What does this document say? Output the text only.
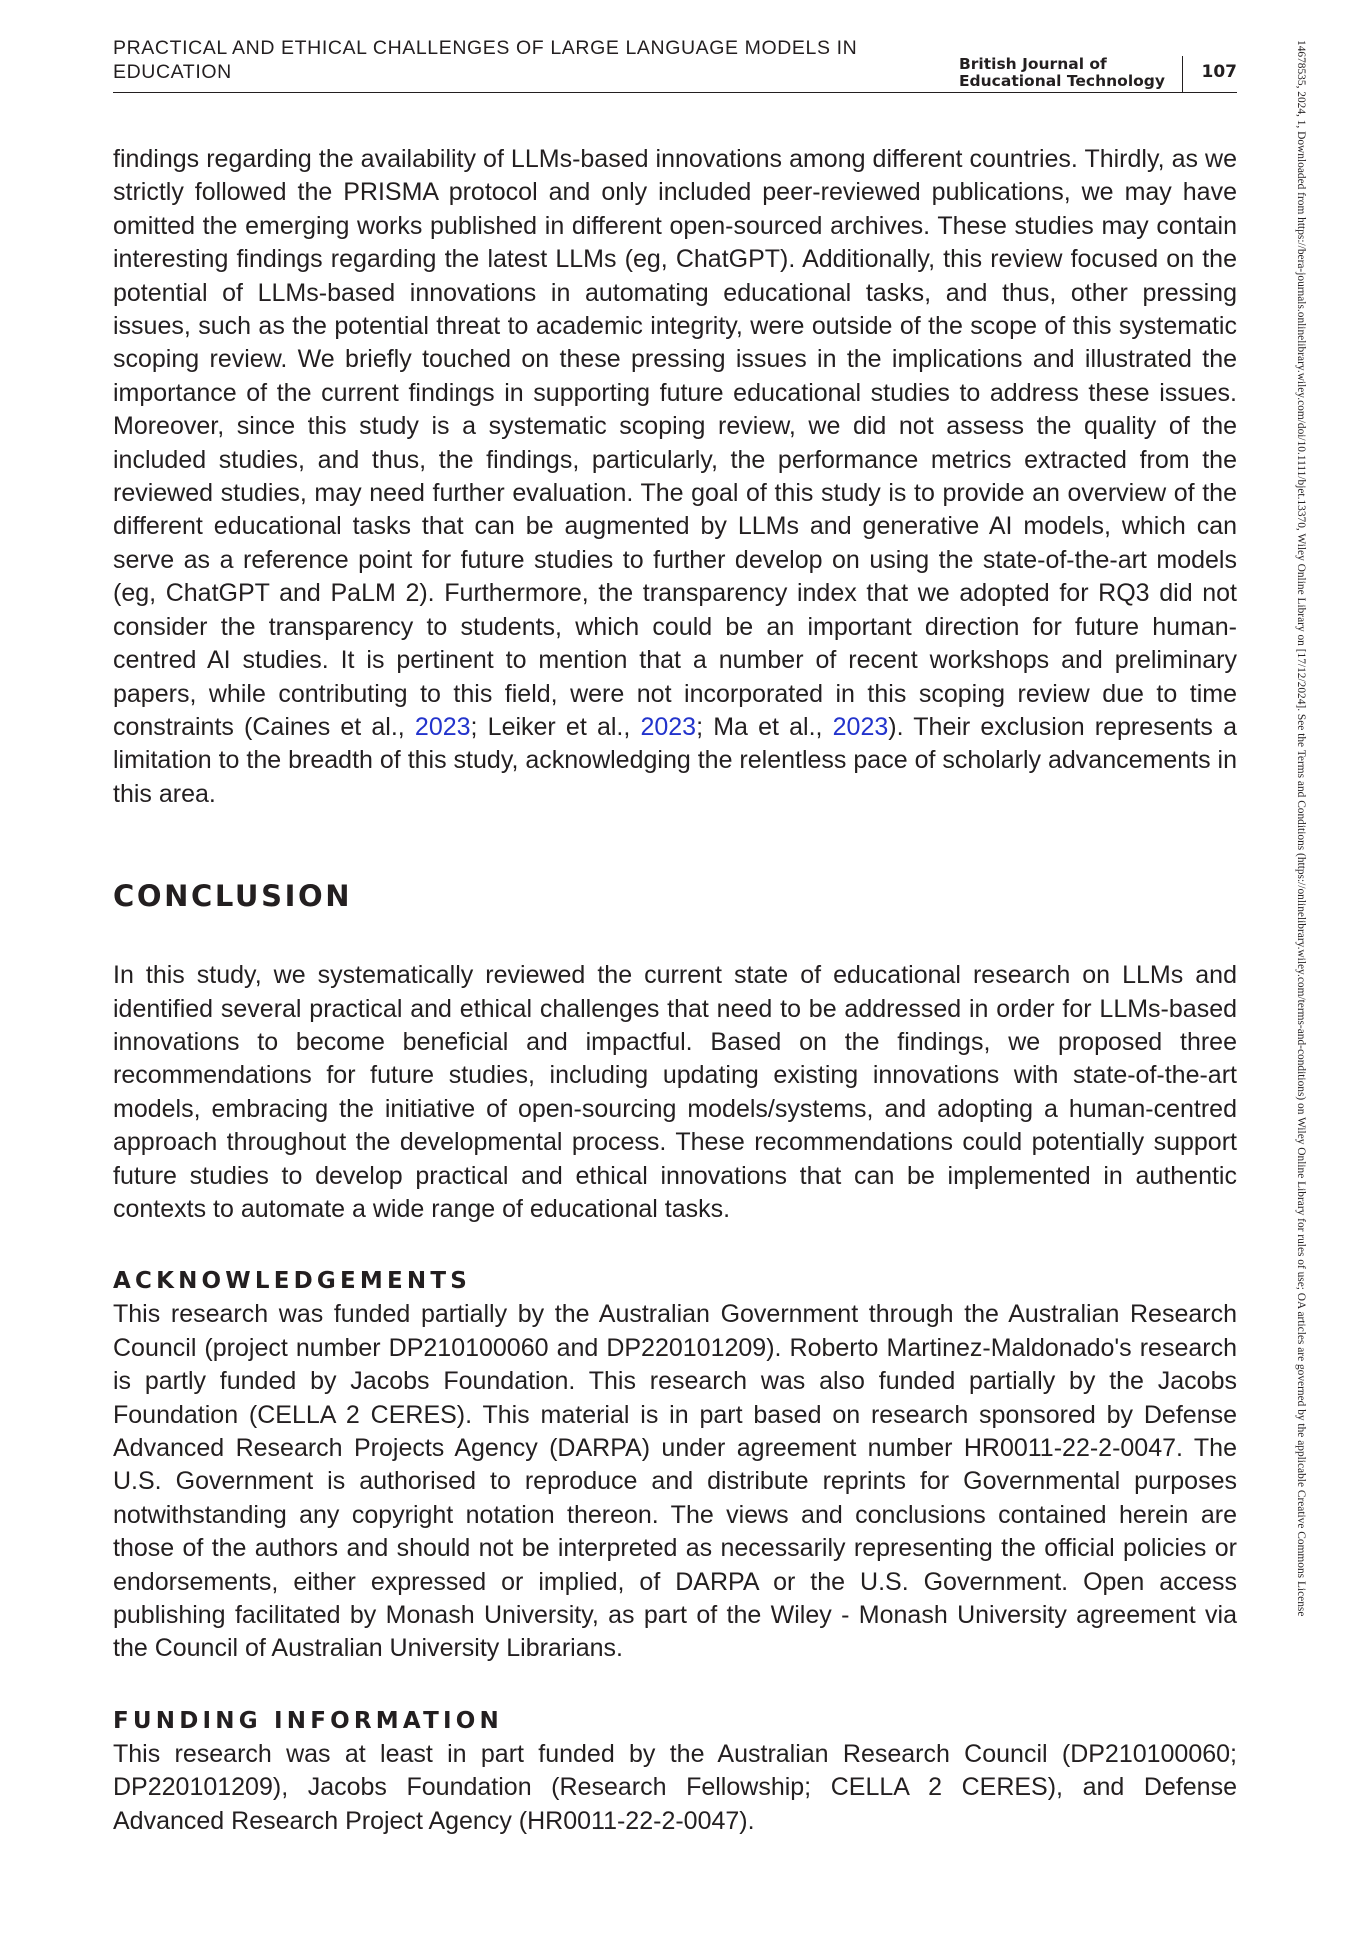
PRACTICAL AND ETHICAL CHALLENGES OF LARGE LANGUAGE MODELS IN EDUCATION	British Journal of
Educational Technology	107

findings regarding the availability of LLMs-based innovations among different countries. Thirdly, as we strictly followed the PRISMA protocol and only included peer-reviewed publications, we may have omitted the emerging works published in different open-sourced archives. These studies may contain interesting findings regarding the latest LLMs (eg, ChatGPT). Additionally, this review focused on the potential of LLMs-based innovations in automating educational tasks, and thus, other pressing issues, such as the potential threat to academic integrity, were outside of the scope of this systematic scoping review. We briefly touched on these pressing issues in the implications and illustrated the importance of the current findings in supporting future educational studies to address these issues. Moreover, since this study is a systematic scoping review, we did not assess the quality of the included studies, and thus, the findings, particularly, the performance metrics extracted from the reviewed studies, may need further evaluation. The goal of this study is to provide an overview of the different educational tasks that can be augmented by LLMs and generative AI models, which can serve as a reference point for future studies to further develop on using the state-of-the-art models (eg, ChatGPT and PaLM 2). Furthermore, the transparency index that we adopted for RQ3 did not consider the transparency to students, which could be an important direction for future human-centred AI studies. It is pertinent to mention that a number of recent workshops and preliminary papers, while contributing to this field, were not incorporated in this scoping review due to time constraints (Caines et al., 2023; Leiker et al., 2023; Ma et al., 2023). Their exclusion represents a limitation to the breadth of this study, acknowledging the relentless pace of scholarly advancements in this area.

CONCLUSION

In this study, we systematically reviewed the current state of educational research on LLMs and identified several practical and ethical challenges that need to be addressed in order for LLMs-based innovations to become beneficial and impactful. Based on the findings, we proposed three recommendations for future studies, including updating existing innovations with state-of-the-art models, embracing the initiative of open-sourcing models/systems, and adopting a human-centred approach throughout the developmental process. These recommendations could potentially support future studies to develop practical and ethical innovations that can be implemented in authentic contexts to automate a wide range of educational tasks.

ACKNOWLEDGEMENTS

This research was funded partially by the Australian Government through the Australian Research Council (project number DP210100060 and DP220101209). Roberto Martinez-Maldonado's research is partly funded by Jacobs Foundation. This research was also funded partially by the Jacobs Foundation (CELLA 2 CERES). This material is in part based on research sponsored by Defense Advanced Research Projects Agency (DARPA) under agreement number HR0011-22-2-0047. The U.S. Government is authorised to reproduce and distribute reprints for Governmental purposes notwithstanding any copyright notation thereon. The views and conclusions contained herein are those of the authors and should not be interpreted as necessarily representing the official policies or endorsements, either expressed or implied, of DARPA or the U.S. Government. Open access publishing facilitated by Monash University, as part of the Wiley - Monash University agreement via the Council of Australian University Librarians.

FUNDING INFORMATION

This research was at least in part funded by the Australian Research Council (DP210100060; DP220101209), Jacobs Foundation (Research Fellowship; CELLA 2 CERES), and Defense Advanced Research Project Agency (HR0011-22-2-0047).

14678535, 2024, 1, Downloaded from https://bera-journals.onlinelibrary.wiley.com/doi/10.1111/bjet.13370, Wiley Online Library on [17/12/2024]. See the Terms and Conditions (https://onlinelibrary.wiley.com/terms-and-conditions) on Wiley Online Library for rules of use; OA articles are governed by the applicable Creative Commons License
